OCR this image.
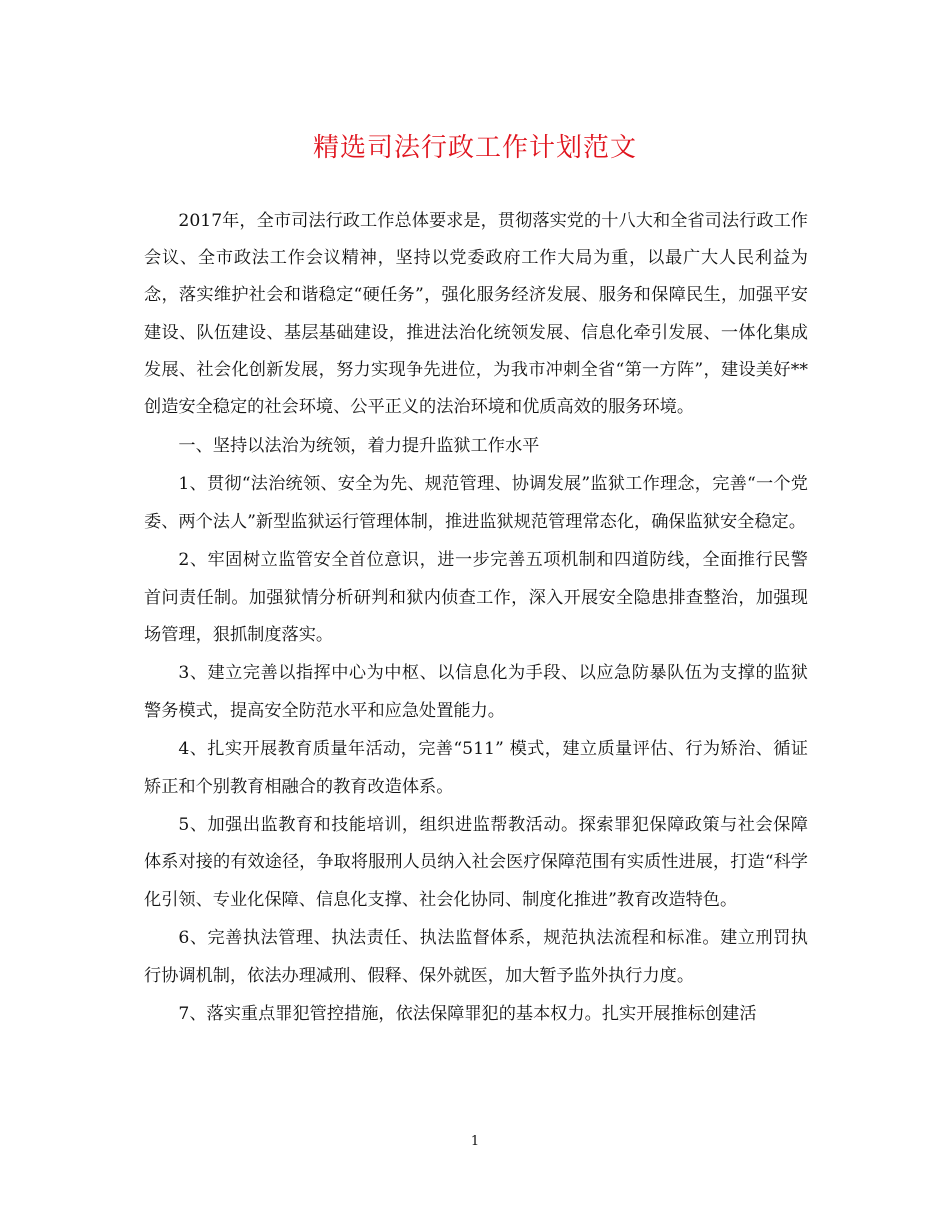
精选司法行政工作计划范文

2017年，全市司法行政工作总体要求是，贯彻落实党的十八大和全省司法行政工作会议、全市政法工作会议精神，坚持以党委政府工作大局为重，以最广大人民利益为念，落实维护社会和谐稳定“硬任务”，强化服务经济发展、服务和保障民生，加强平安建设、队伍建设、基层基础建设，推进法治化统领发展、信息化牵引发展、一体化集成发展、社会化创新发展，努力实现争先进位，为我市冲刺全省“第一方阵”，建设美好**创造安全稳定的社会环境、公平正义的法治环境和优质高效的服务环境。

一、坚持以法治为统领，着力提升监狱工作水平

1、贯彻“法治统领、安全为先、规范管理、协调发展”监狱工作理念，完善“一个党委、两个法人”新型监狱运行管理体制，推进监狱规范管理常态化，确保监狱安全稳定。

2、牢固树立监管安全首位意识，进一步完善五项机制和四道防线，全面推行民警首问责任制。加强狱情分析研判和狱内侦查工作，深入开展安全隐患排查整治，加强现场管理，狠抓制度落实。

3、建立完善以指挥中心为中枢、以信息化为手段、以应急防暴队伍为支撑的监狱警务模式，提高安全防范水平和应急处置能力。

4、扎实开展教育质量年活动，完善“511” 模式，建立质量评估、行为矫治、循证矫正和个别教育相融合的教育改造体系。

5、加强出监教育和技能培训，组织进监帮教活动。探索罪犯保障政策与社会保障体系对接的有效途径，争取将服刑人员纳入社会医疗保障范围有实质性进展，打造“科学化引领、专业化保障、信息化支撑、社会化协同、制度化推进”教育改造特色。

6、完善执法管理、执法责任、执法监督体系，规范执法流程和标准。建立刑罚执行协调机制，依法办理减刑、假释、保外就医，加大暂予监外执行力度。

7、落实重点罪犯管控措施，依法保障罪犯的基本权力。扎实开展推标创建活

1
